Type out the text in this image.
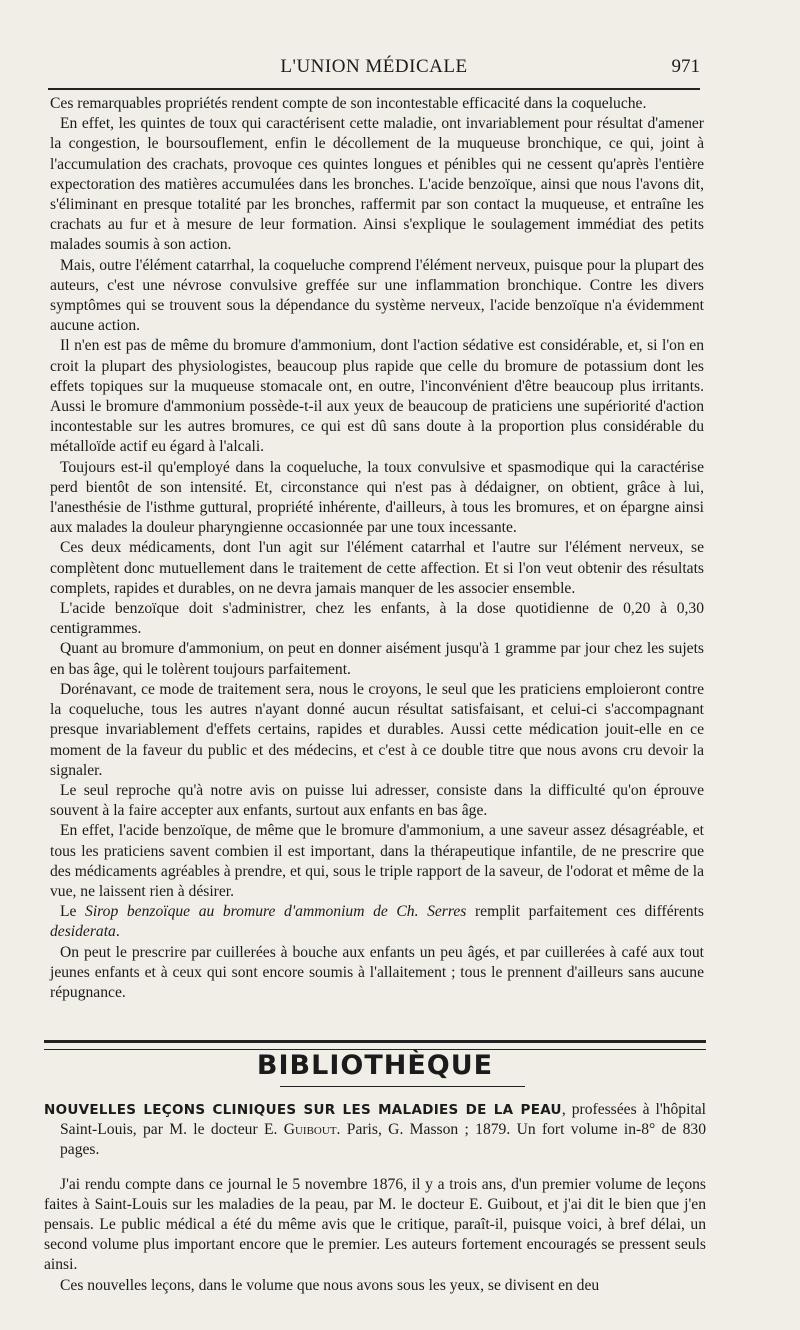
L'UNION MÉDICALE	971

Ces remarquables propriétés rendent compte de son incontestable efficacité dans la coqueluche.

En effet, les quintes de toux qui caractérisent cette maladie, ont invariablement pour résultat d'amener la congestion, le boursouflement, enfin le décollement de la muqueuse bronchique, ce qui, joint à l'accumulation des crachats, provoque ces quintes longues et pénibles qui ne cessent qu'après l'entière expectoration des matières accumulées dans les bronches. L'acide benzoïque, ainsi que nous l'avons dit, s'éliminant en presque totalité par les bronches, raffermit par son contact la muqueuse, et entraîne les crachats au fur et à mesure de leur formation. Ainsi s'explique le soulagement immédiat des petits malades soumis à son action.

Mais, outre l'élément catarrhal, la coqueluche comprend l'élément nerveux, puisque pour la plupart des auteurs, c'est une névrose convulsive greffée sur une inflammation bronchique. Contre les divers symptômes qui se trouvent sous la dépendance du système nerveux, l'acide benzoïque n'a évidemment aucune action.

Il n'en est pas de même du bromure d'ammonium, dont l'action sédative est considérable, et, si l'on en croit la plupart des physiologistes, beaucoup plus rapide que celle du bromure de potassium dont les effets topiques sur la muqueuse stomacale ont, en outre, l'inconvénient d'être beaucoup plus irritants. Aussi le bromure d'ammonium possède-t-il aux yeux de beaucoup de praticiens une supériorité d'action incontestable sur les autres bromures, ce qui est dû sans doute à la proportion plus considérable du métalloïde actif eu égard à l'alcali.

Toujours est-il qu'employé dans la coqueluche, la toux convulsive et spasmodique qui la caractérise perd bientôt de son intensité. Et, circonstance qui n'est pas à dédaigner, on obtient, grâce à lui, l'anesthésie de l'isthme guttural, propriété inhérente, d'ailleurs, à tous les bromures, et on épargne ainsi aux malades la douleur pharyngienne occasionnée par une toux incessante.

Ces deux médicaments, dont l'un agit sur l'élément catarrhal et l'autre sur l'élément nerveux, se complètent donc mutuellement dans le traitement de cette affection. Et si l'on veut obtenir des résultats complets, rapides et durables, on ne devra jamais manquer de les associer ensemble.

L'acide benzoïque doit s'administrer, chez les enfants, à la dose quotidienne de 0,20 à 0,30 centigrammes.

Quant au bromure d'ammonium, on peut en donner aisément jusqu'à 1 gramme par jour chez les sujets en bas âge, qui le tolèrent toujours parfaitement.

Dorénavant, ce mode de traitement sera, nous le croyons, le seul que les praticiens emploieront contre la coqueluche, tous les autres n'ayant donné aucun résultat satisfaisant, et celui-ci s'accompagnant presque invariablement d'effets certains, rapides et durables. Aussi cette médication jouit-elle en ce moment de la faveur du public et des médecins, et c'est à ce double titre que nous avons cru devoir la signaler.

Le seul reproche qu'à notre avis on puisse lui adresser, consiste dans la difficulté qu'on éprouve souvent à la faire accepter aux enfants, surtout aux enfants en bas âge.

En effet, l'acide benzoïque, de même que le bromure d'ammonium, a une saveur assez désagréable, et tous les praticiens savent combien il est important, dans la thérapeutique infantile, de ne prescrire que des médicaments agréables à prendre, et qui, sous le triple rapport de la saveur, de l'odorat et même de la vue, ne laissent rien à désirer.

Le Sirop benzoïque au bromure d'ammonium de Ch. Serres remplit parfaitement ces différents desiderata.

On peut le prescrire par cuillerées à bouche aux enfants un peu âgés, et par cuillerées à café aux tout jeunes enfants et à ceux qui sont encore soumis à l'allaitement ; tous le prennent d'ailleurs sans aucune répugnance.

BIBLIOTHÈQUE

NOUVELLES LEÇONS CLINIQUES SUR LES MALADIES DE LA PEAU, professées à l'hôpital Saint-Louis, par M. le docteur E. Guibout. Paris, G. Masson ; 1879. Un fort volume in-8° de 830 pages.

J'ai rendu compte dans ce journal le 5 novembre 1876, il y a trois ans, d'un premier volume de leçons faites à Saint-Louis sur les maladies de la peau, par M. le docteur E. Guibout, et j'ai dit le bien que j'en pensais. Le public médical a été du même avis que le critique, paraît-il, puisque voici, à bref délai, un second volume plus important encore que le premier. Les auteurs fortement encouragés se pressent seuls ainsi.

Ces nouvelles leçons, dans le volume que nous avons sous les yeux, se divisent en deu
